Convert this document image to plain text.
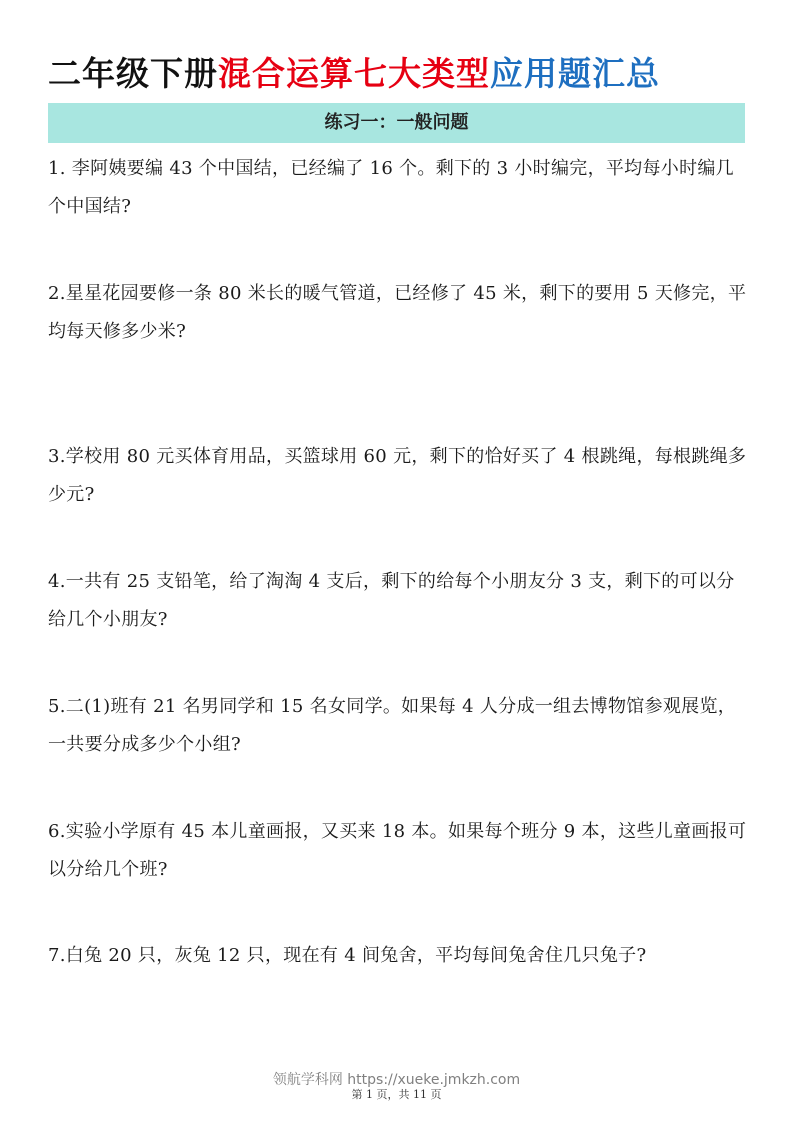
二年级下册混合运算七大类型应用题汇总
练习一：一般问题
1. 李阿姨要编 43 个中国结，已经编了 16 个。剩下的 3 小时编完，平均每小时编几个中国结?
2.星星花园要修一条 80 米长的暖气管道，已经修了 45 米，剩下的要用 5 天修完，平均每天修多少米?
3.学校用 80 元买体育用品，买篮球用 60 元，剩下的恰好买了 4 根跳绳，每根跳绳多少元?
4.一共有 25 支铅笔，给了淘淘 4 支后，剩下的给每个小朋友分 3 支，剩下的可以分给几个小朋友?
5.二(1)班有 21 名男同学和 15 名女同学。如果每 4 人分成一组去博物馆参观展览，一共要分成多少个小组?
6.实验小学原有 45 本儿童画报，又买来 18 本。如果每个班分 9 本，这些儿童画报可以分给几个班?
7.白兔 20 只，灰兔 12 只，现在有 4 间兔舍，平均每间兔舍住几只兔子?
领航学科网 https://xueke.jmkzh.com
第 1 页，共 11 页
